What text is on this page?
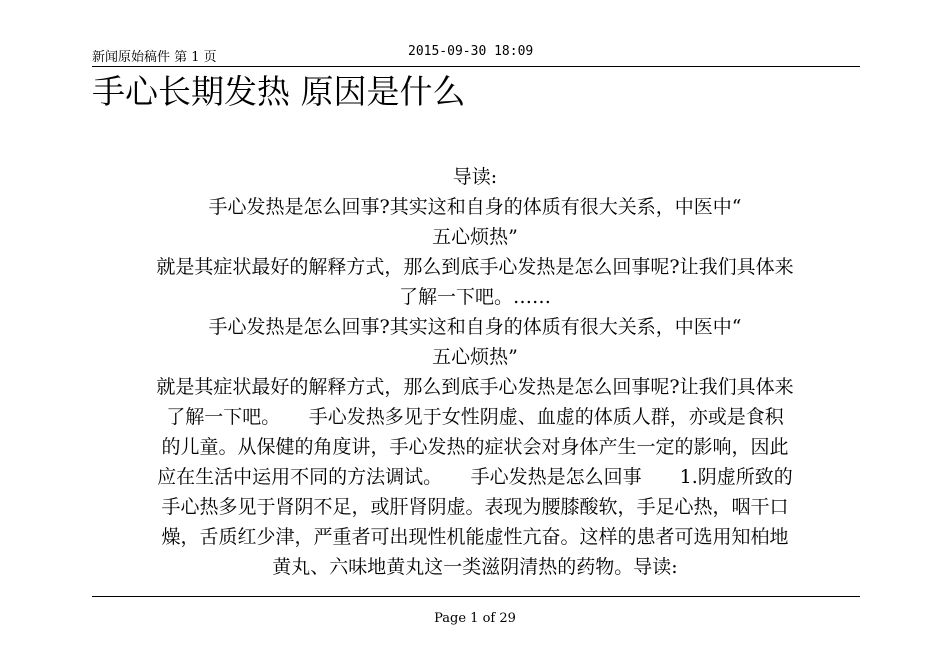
新闻原始稿件 第 1 页	2015-09-30 18:09
手心长期发热 原因是什么
导读:
手心发热是怎么回事?其实这和自身的体质有很大关系，中医中“
五心烦热”
就是其症状最好的解释方式，那么到底手心发热是怎么回事呢?让我们具体来
了解一下吧。……
手心发热是怎么回事?其实这和自身的体质有很大关系，中医中“
五心烦热”
就是其症状最好的解释方式，那么到底手心发热是怎么回事呢?让我们具体来
了解一下吧。　　手心发热多见于女性阴虚、血虚的体质人群，亦或是食积
的儿童。从保健的角度讲，手心发热的症状会对身体产生一定的影响，因此
应在生活中运用不同的方法调试。　　手心发热是怎么回事　　1.阴虚所致的
手心热多见于肾阴不足，或肝肾阴虚。表现为腰膝酸软，手足心热，咽干口
燥，舌质红少津，严重者可出现性机能虚性亢奋。这样的患者可选用知柏地
黄丸、六味地黄丸这一类滋阴清热的药物。导读:
Page 1 of 29
